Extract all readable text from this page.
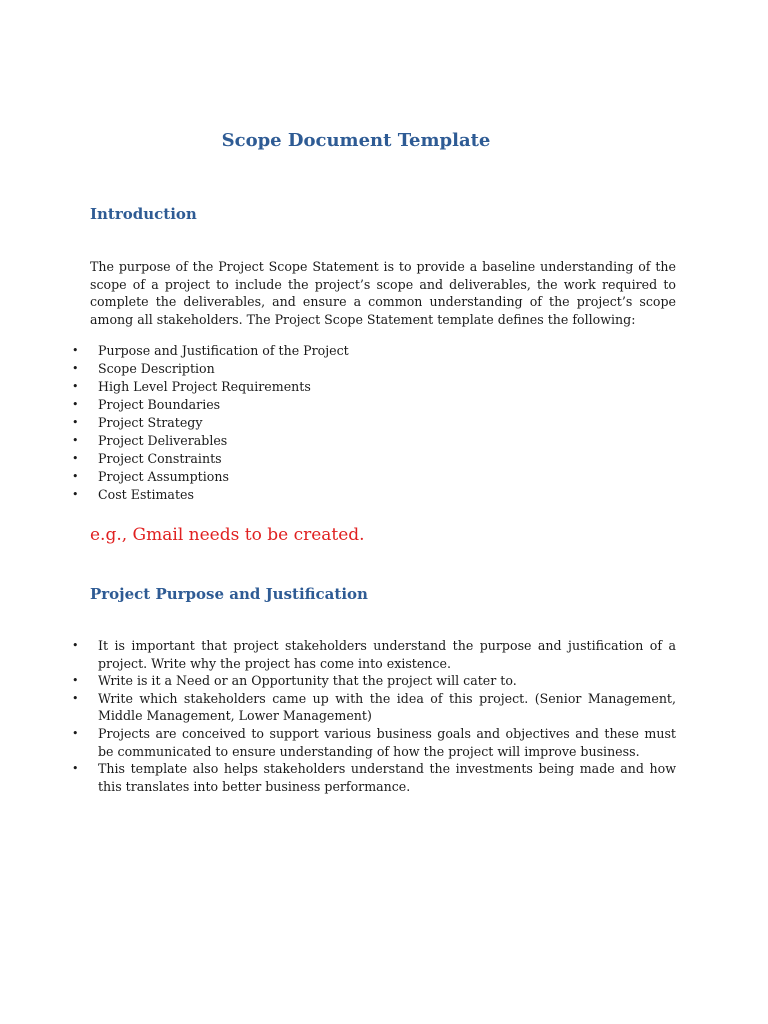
Scope Document Template
Introduction

The purpose of the Project Scope Statement is to provide a baseline understanding of the scope of a project to include the project’s scope and deliverables, the work required to complete the deliverables, and ensure a common understanding of the project’s scope among all stakeholders. The Project Scope Statement template defines the following:

• Purpose and Justification of the Project
• Scope Description
• High Level Project Requirements
• Project Boundaries
• Project Strategy
• Project Deliverables
• Project Constraints
• Project Assumptions
• Cost Estimates

e.g., Gmail needs to be created.

Project Purpose and Justification
• It is important that project stakeholders understand the purpose and justification of a project. Write why the project has come into existence.
• Write is it a Need or an Opportunity that the project will cater to.
• Write which stakeholders came up with the idea of this project. (Senior Management, Middle Management, Lower Management)
• Projects are conceived to support various business goals and objectives and these must be communicated to ensure understanding of how the project will improve business.
• This template also helps stakeholders understand the investments being made and how this translates into better business performance.
